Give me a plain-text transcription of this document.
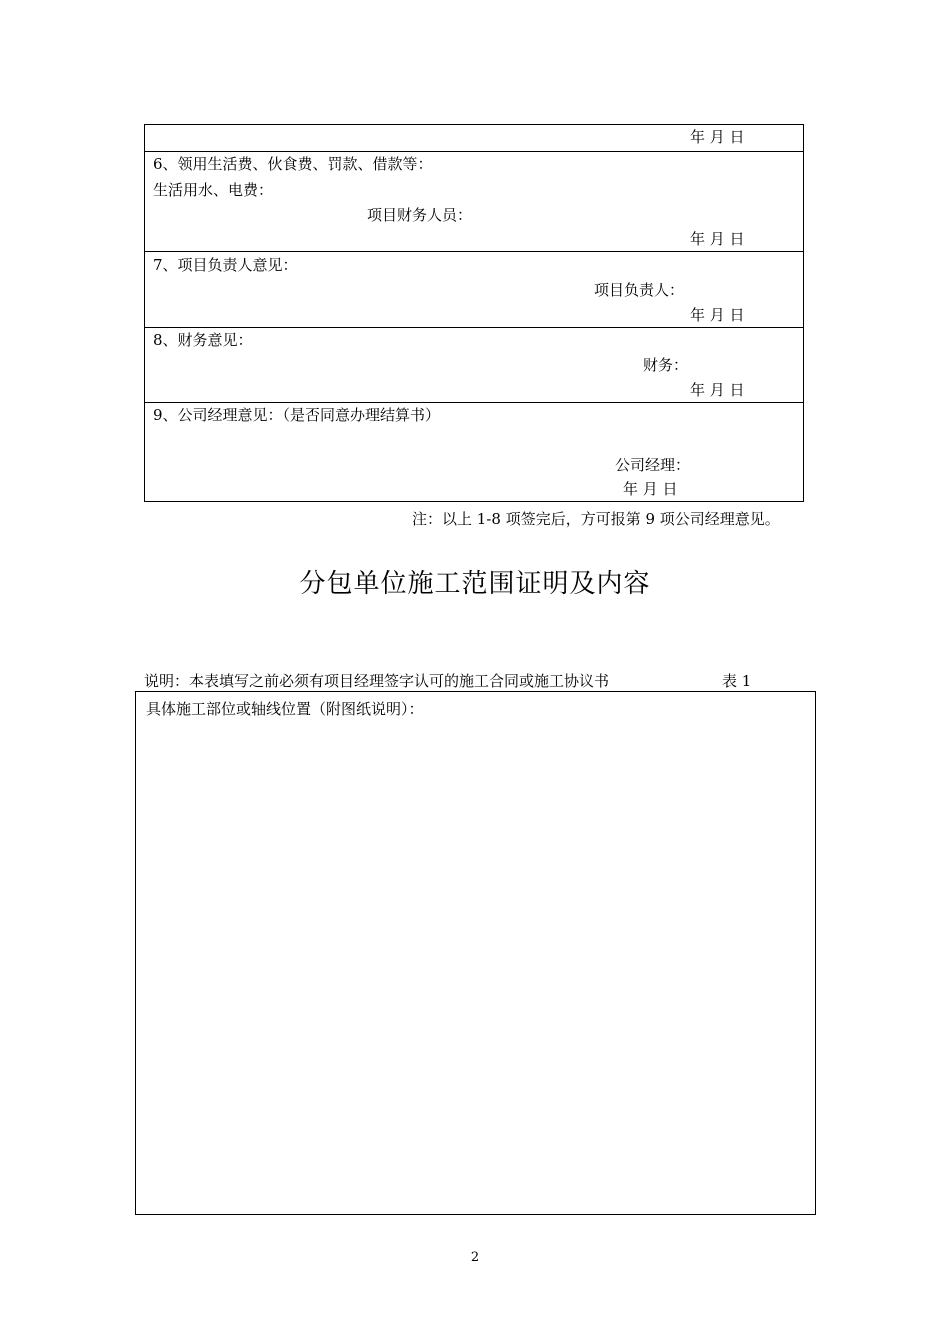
年 月 日
6、领用生活费、伙食费、罚款、借款等：
生活用水、电费：
项目财务人员：
年 月 日
7、项目负责人意见：
项目负责人：
年 月 日
8、财务意见：
财务：
年 月 日
9、公司经理意见：（是否同意办理结算书）
公司经理：
年 月 日
注：以上 1-8 项签完后，方可报第 9 项公司经理意见。
分包单位施工范围证明及内容
说明：本表填写之前必须有项目经理签字认可的施工合同或施工协议书	表 1
具体施工部位或轴线位置（附图纸说明）：
2
